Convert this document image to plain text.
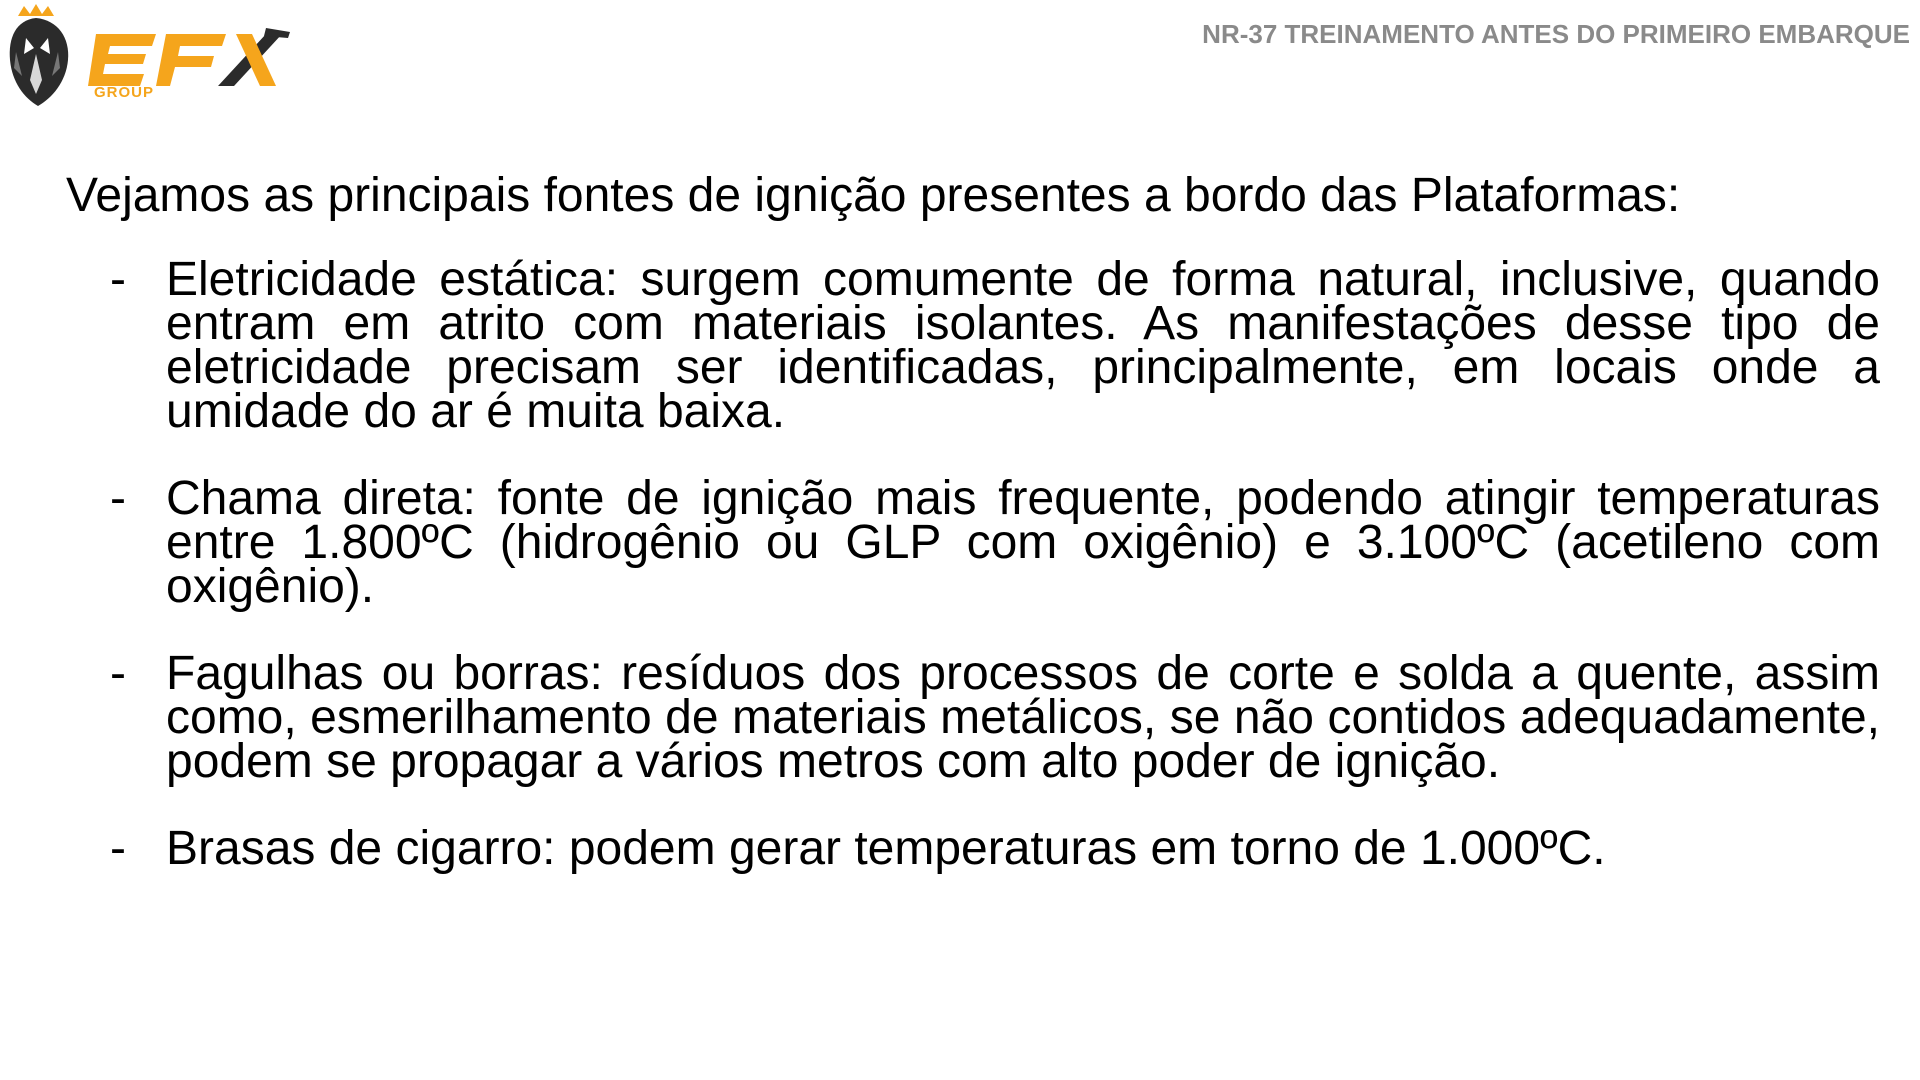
GROUP
NR-37 TREINAMENTO ANTES DO PRIMEIRO EMBARQUE
Vejamos as principais fontes de ignição presentes a bordo das Plataformas:
- Eletricidade estática: surgem comumente de forma natural, inclusive, quando entram em atrito com materiais isolantes. As manifestações desse tipo de eletricidade precisam ser identificadas, principalmente, em locais onde a umidade do ar é muita baixa.
- Chama direta: fonte de ignição mais frequente, podendo atingir temperaturas entre 1.800ºC (hidrogênio ou GLP com oxigênio) e 3.100ºC (acetileno com oxigênio).
- Fagulhas ou borras: resíduos dos processos de corte e solda a quente, assim como, esmerilhamento de materiais metálicos, se não contidos adequadamente, podem se propagar a vários metros com alto poder de ignição.
- Brasas de cigarro: podem gerar temperaturas em torno de 1.000ºC.
